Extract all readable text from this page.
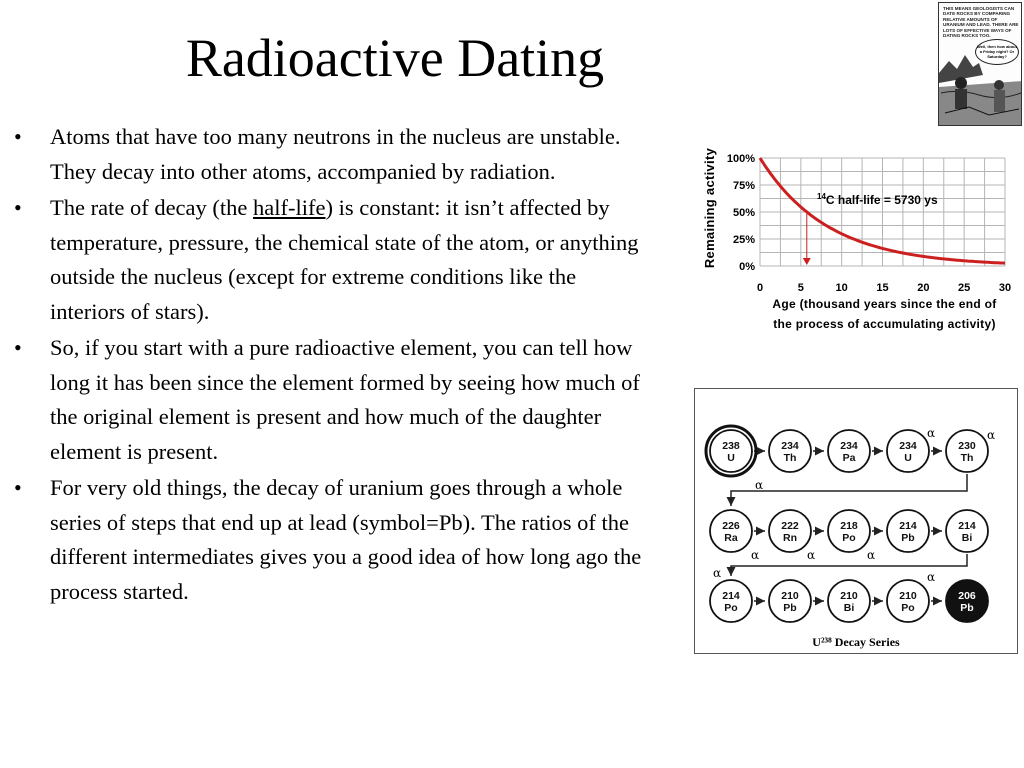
Radioactive Dating
• Atoms that have too many neutrons in the nucleus are unstable. They decay into other atoms, accompanied by radiation.
• The rate of decay (the half-life) is constant: it isn’t affected by temperature, pressure, the chemical state of the atom, or anything outside the nucleus (except for extreme conditions like the interiors of stars).
• So, if you start with a pure radioactive element, you can tell how long it has been since the element formed by seeing how much of the original element is present and how much of the daughter element is present.
• For very old things, the decay of uranium goes through a whole series of steps that end up at lead (symbol=Pb). The ratios of the different intermediates gives you a good idea of how long ago the process started.
THIS MEANS GEOLOGISTS CAN DATE ROCKS BY COMPARING RELATIVE AMOUNTS OF URANIUM AND LEAD. THERE ARE LOTS OF EFFECTIVE WAYS OF DATING ROCKS TOO.
Well, then how about a Friday night? Or Saturday?
Remaining activity 100%
75%
50%
25%
0%
0	5	10	15	20	25	30
$^{14}$C half-life = 5730 ys
Age (thousand years since the end of
the process of accumulating activity)
238
U
234
Th
234
Pa
234
U
230
Th
226
Ra
222
Rn
218
Po
214
Pb
214
Bi
214
Po
210
Pb
210
Bi
210
Po
206
Pb
α
α	α
α	α	α
α	α
U²³⁸ Decay Series
